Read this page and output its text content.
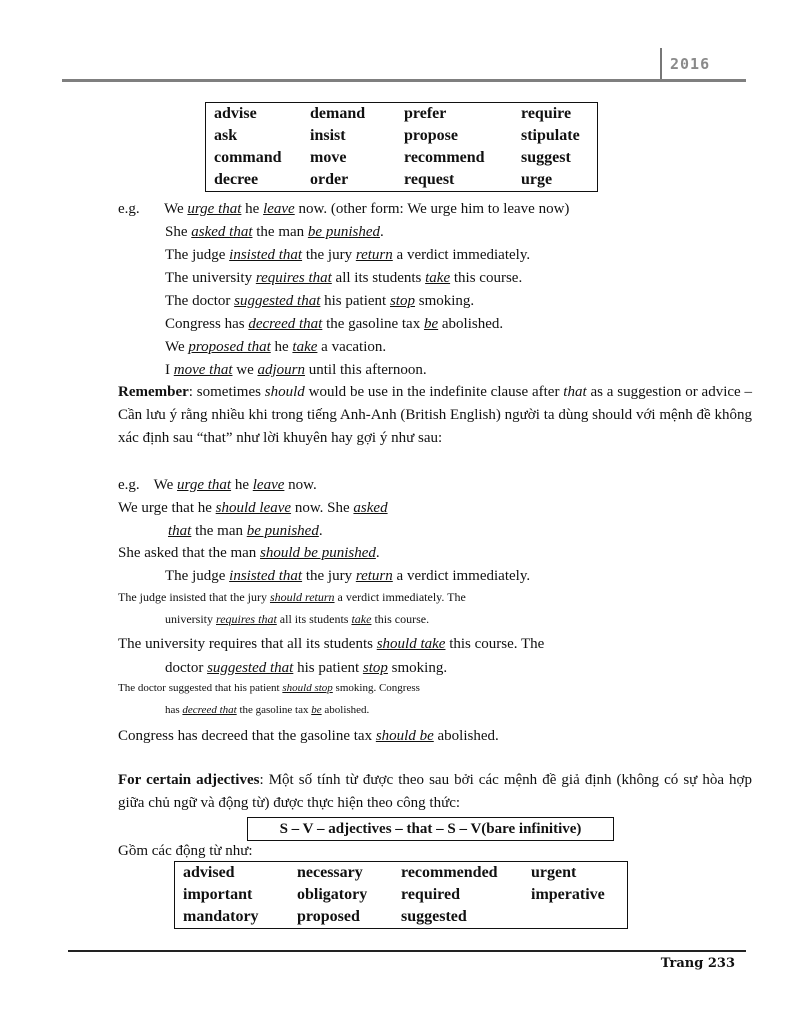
2016
advise	demand	prefer	require
ask	insist	propose	stipulate
command	move	recommend	suggest
decree	order	request	urge
e.g. We urge that he leave now. (other form: We urge him to leave now)
She asked that the man be punished.
The judge insisted that the jury return a verdict immediately.
The university requires that all its students take this course.
The doctor suggested that his patient stop smoking.
Congress has decreed that the gasoline tax be abolished.
We proposed that he take a vacation.
I move that we adjourn until this afternoon.
Remember: sometimes should would be use in the indefinite clause after that as a suggestion or advice – Cần lưu ý rằng nhiều khi trong tiếng Anh-Anh (British English) người ta dùng should với mệnh đề không xác định sau “that” như lời khuyên hay gợi ý như sau:
e.g. We urge that he leave now.
We urge that he should leave now. She asked
that the man be punished.
She asked that the man should be punished.
The judge insisted that the jury return a verdict immediately.
The judge insisted that the jury should return a verdict immediately. The
university requires that all its students take this course.
The university requires that all its students should take this course. The
doctor suggested that his patient stop smoking.
The doctor suggested that his patient should stop smoking. Congress
has decreed that the gasoline tax be abolished.
Congress has decreed that the gasoline tax should be abolished.
For certain adjectives: Một số tính từ được theo sau bởi các mệnh đề giả định (không có sự hòa hợp giữa chủ ngữ và động từ) được thực hiện theo công thức:
S – V – adjectives – that – S – V(bare infinitive)
Gồm các động từ như:
advised	necessary	recommended	urgent
important	obligatory	required	imperative
mandatory	proposed	suggested	
Trang 233
